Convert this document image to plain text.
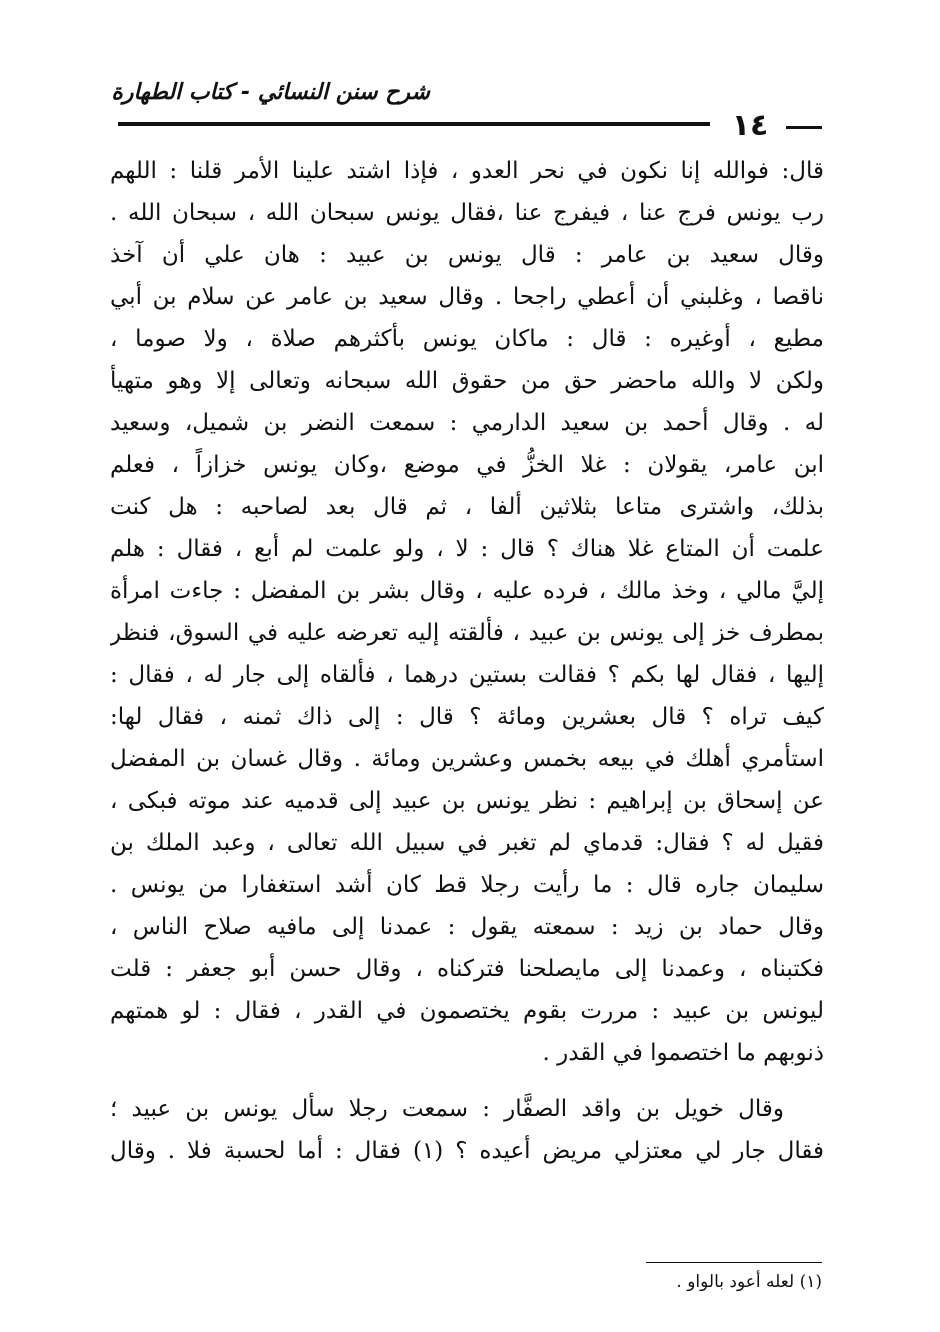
شرح سنن النسائي - كتاب الطهارة
١٤
قال: فوالله إنا نكون في نحر العدو ، فإذا اشتد علينا الأمر قلنا : اللهم
رب يونس فرج عنا ، فيفرج عنا ،فقال يونس سبحان الله ، سبحان الله .
وقال سعيد بن عامر : قال يونس بن عبيد : هان علي أن آخذ
ناقصا ، وغلبني أن أعطي راجحا . وقال سعيد بن عامر عن سلام بن أبي
مطيع ، أوغيره : قال : ماكان يونس بأكثرهم صلاة ، ولا صوما ،
ولكن لا والله ماحضر حق من حقوق الله سبحانه وتعالى إلا وهو متهيأ
له . وقال أحمد بن سعيد الدارمي : سمعت النضر بن شميل، وسعيد
ابن عامر، يقولان : غلا الخزُّ في موضع ،وكان يونس خزازاً ، فعلم
بذلك، واشترى متاعا بثلاثين ألفا ، ثم قال بعد لصاحبه : هل كنت
علمت أن المتاع غلا هناك ؟ قال : لا ، ولو علمت لم أبع ، فقال : هلم
إليَّ مالي ، وخذ مالك ، فرده عليه ، وقال بشر بن المفضل : جاءت امرأة
بمطرف خز إلى يونس بن عبيد ، فألقته إليه تعرضه عليه في السوق، فنظر
إليها ، فقال لها بكم ؟ فقالت بستين درهما ، فألقاه إلى جار له ، فقال :
كيف تراه ؟ قال بعشرين ومائة ؟ قال : إلى ذاك ثمنه ، فقال لها:
استأمري أهلك في بيعه بخمس وعشرين ومائة . وقال غسان بن المفضل
عن إسحاق بن إبراهيم : نظر يونس بن عبيد إلى قدميه عند موته فبكى ،
فقيل له ؟ فقال: قدماي لم تغبر في سبيل الله تعالى ، وعبد الملك بن
سليمان جاره قال : ما رأيت رجلا قط كان أشد استغفارا من يونس .
وقال حماد بن زيد : سمعته يقول : عمدنا إلى مافيه صلاح الناس ،
فكتبناه ، وعمدنا إلى مايصلحنا فتركناه ، وقال حسن أبو جعفر : قلت
ليونس بن عبيد : مررت بقوم يختصمون في القدر ، فقال : لو همتهم
ذنوبهم ما اختصموا في القدر .
وقال خويل بن واقد الصفَّار : سمعت رجلا سأل يونس بن عبيد ؛
فقال جار لي معتزلي مريض أعيده ؟ (١) فقال : أما لحسبة فلا . وقال
(١) لعله أعود بالواو .
